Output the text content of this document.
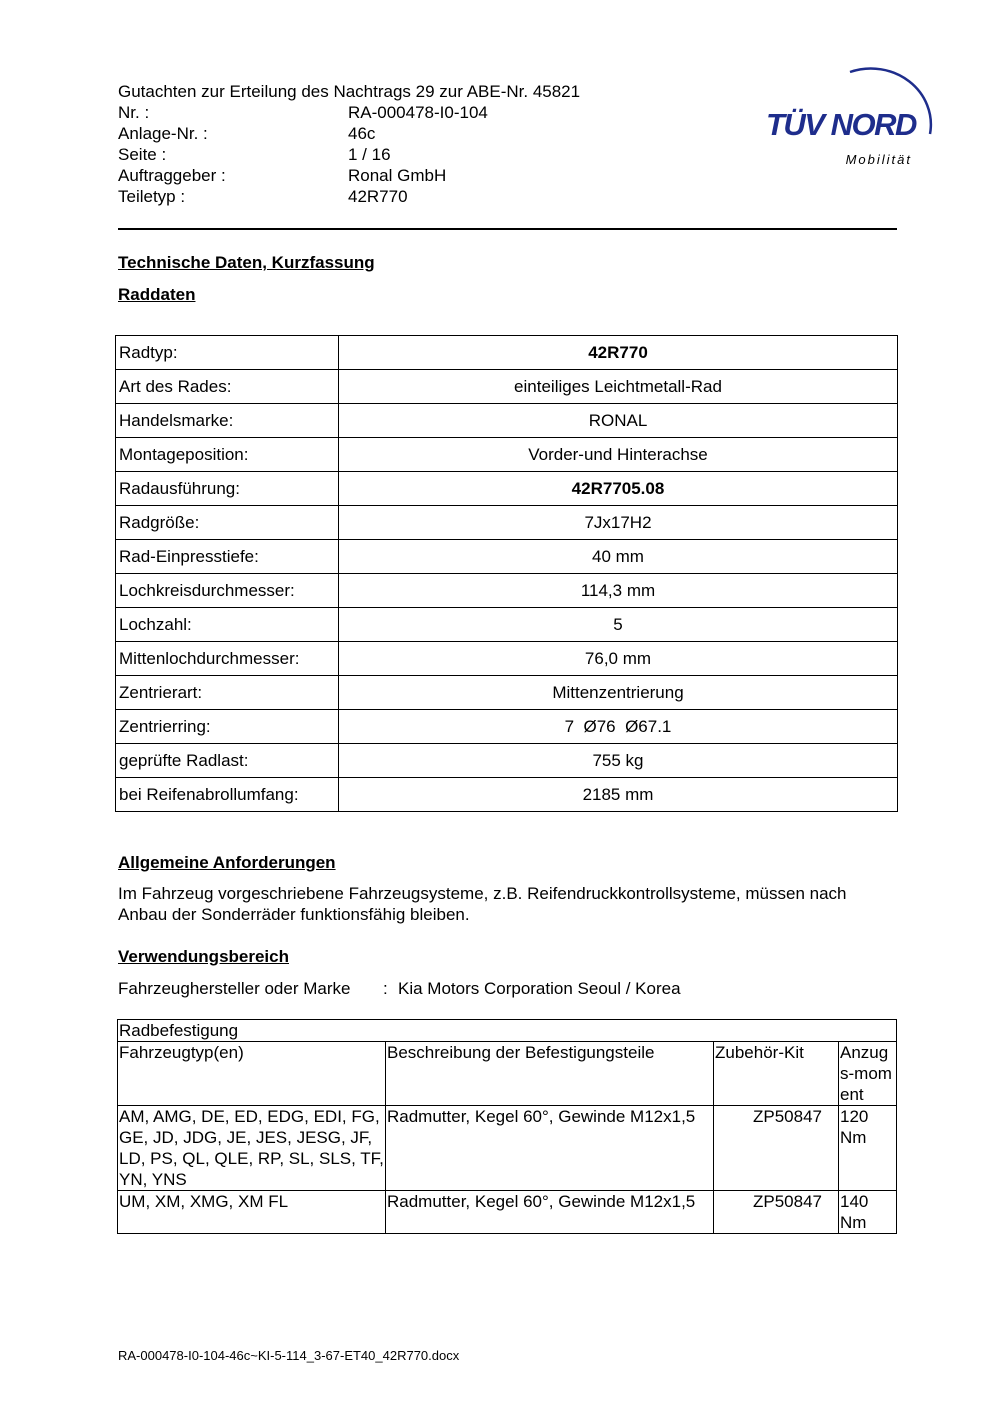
Gutachten zur Erteilung des Nachtrags 29 zur ABE-Nr. 45821
Nr. :	RA-000478-I0-104
Anlage-Nr. :	46c
Seite :	1 / 16
Auftraggeber :	Ronal GmbH
Teiletyp :	42R770
TÜV NORD
Mobilität
Technische Daten, Kurzfassung
Raddaten
Radtyp:	42R770
Art des Rades:	einteiliges Leichtmetall-Rad
Handelsmarke:	RONAL
Montageposition:	Vorder-und Hinterachse
Radausführung:	42R7705.08
Radgröße:	7Jx17H2
Rad-Einpresstiefe:	40 mm
Lochkreisdurchmesser:	114,3 mm
Lochzahl:	5
Mittenlochdurchmesser:	76,0 mm
Zentrierart:	Mittenzentrierung
Zentrierring:	7  Ø76  Ø67.1
geprüfte Radlast:	755 kg
bei Reifenabrollumfang:	2185 mm
Allgemeine Anforderungen
Im Fahrzeug vorgeschriebene Fahrzeugsysteme, z.B. Reifendruckkontrollsysteme, müssen nach Anbau der Sonderräder funktionsfähig bleiben.
Verwendungsbereich
Fahrzeughersteller oder Marke : Kia Motors Corporation Seoul / Korea
Radbefestigung			
Fahrzeugtyp(en)	Beschreibung der Befestigungsteile	Zubehör-Kit	Anzugs-moment
AM, AMG, DE, ED, EDG, EDI, FG, GE, JD, JDG, JE, JES, JESG, JF, LD, PS, QL, QLE, RP, SL, SLS, TF, YN, YNS	Radmutter, Kegel 60°, Gewinde M12x1,5	ZP50847	120 Nm
UM, XM, XMG, XM FL	Radmutter, Kegel 60°, Gewinde M12x1,5	ZP50847	140 Nm
RA-000478-I0-104-46c~KI-5-114_3-67-ET40_42R770.docx
